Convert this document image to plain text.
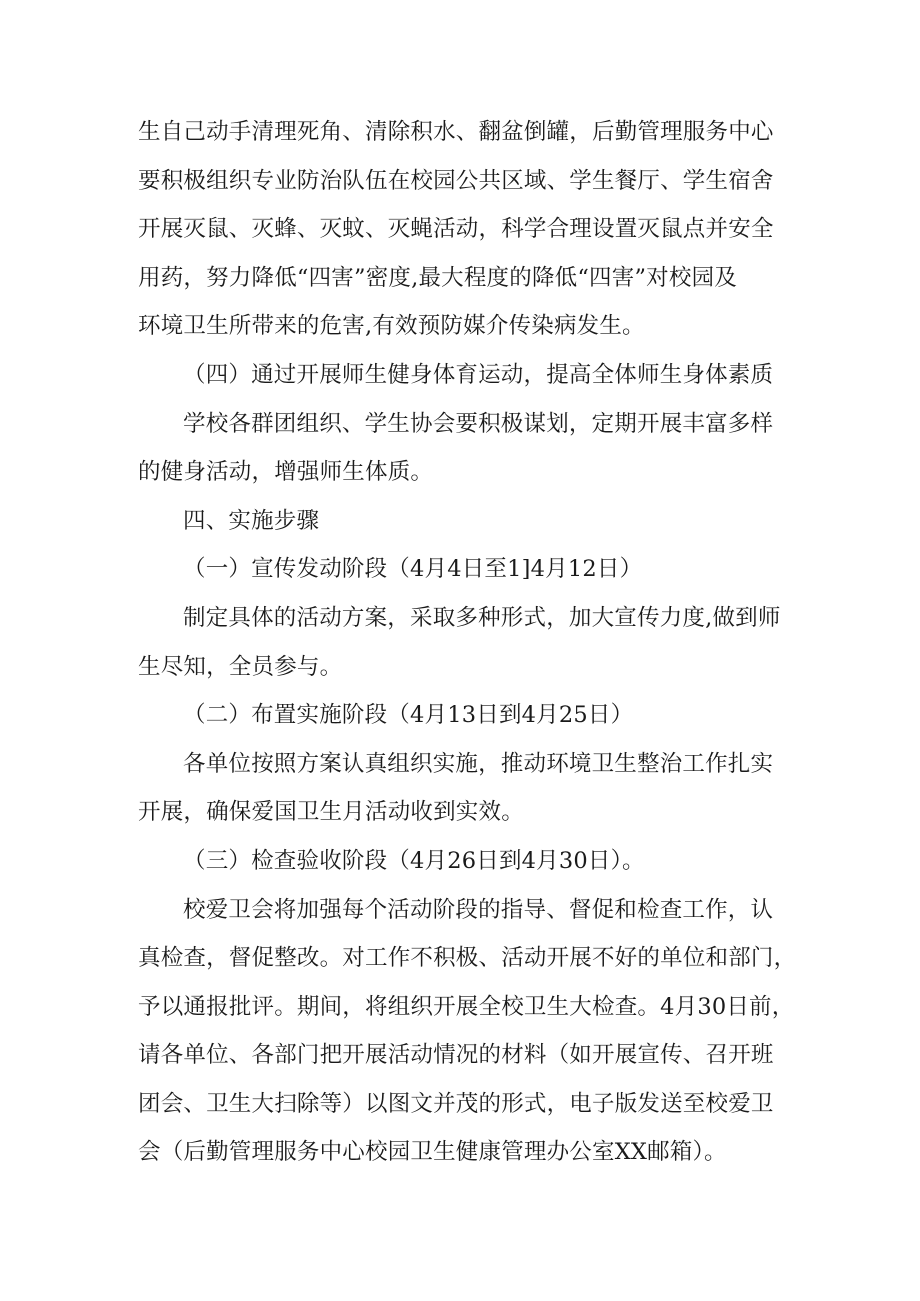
生自己动手清理死角、清除积水、翻盆倒罐，后勤管理服务中心
要积极组织专业防治队伍在校园公共区域、学生餐厅、学生宿舍
开展灭鼠、灭蜂、灭蚊、灭蝇活动，科学合理设置灭鼠点并安全
用药，努力降低“四害”密度,最大程度的降低“四害”对校园及
环境卫生所带来的危害,有效预防媒介传染病发生。

（四）通过开展师生健身体育运动，提高全体师生身体素质

学校各群团组织、学生协会要积极谋划，定期开展丰富多样
的健身活动，增强师生体质。

四、实施步骤

（一）宣传发动阶段（4月4日至1]4月12日）

制定具体的活动方案，采取多种形式，加大宣传力度,做到师
生尽知，全员参与。

（二）布置实施阶段（4月13日到4月25日）

各单位按照方案认真组织实施，推动环境卫生整治工作扎实
开展，确保爱国卫生月活动收到实效。

（三）检查验收阶段（4月26日到4月30日）。

校爱卫会将加强每个活动阶段的指导、督促和检查工作，认
真检查，督促整改。对工作不积极、活动开展不好的单位和部门，
予以通报批评。期间，将组织开展全校卫生大检查。4月30日前，
请各单位、各部门把开展活动情况的材料（如开展宣传、召开班
团会、卫生大扫除等）以图文并茂的形式，电子版发送至校爱卫
会（后勤管理服务中心校园卫生健康管理办公室XX邮箱）。
